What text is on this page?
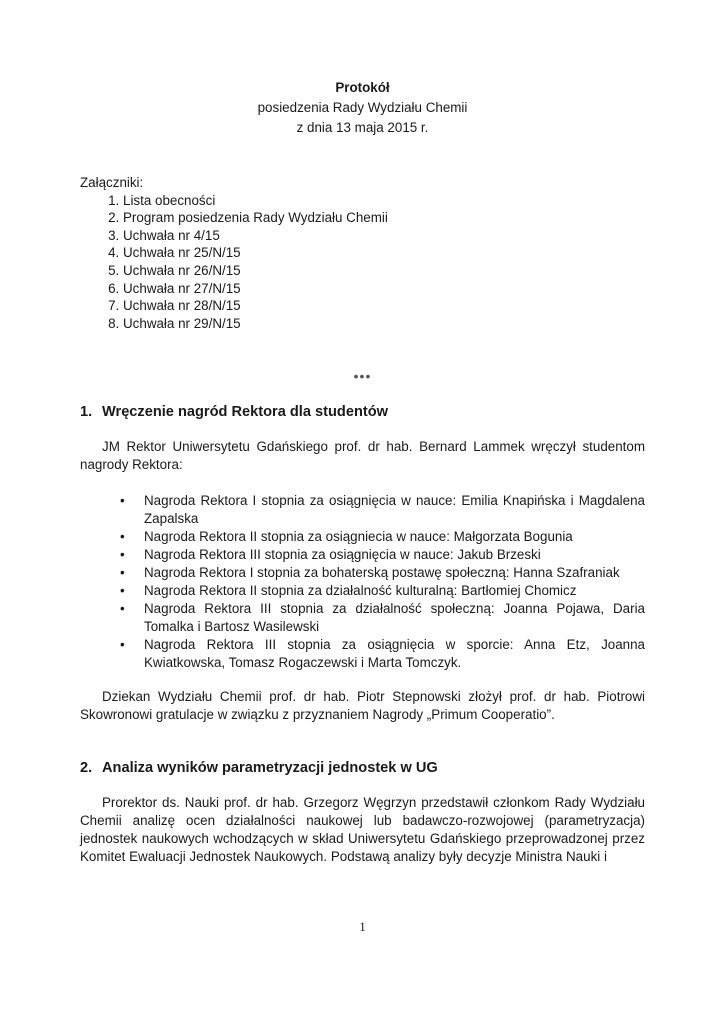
Protokół
posiedzenia Rady Wydziału Chemii
z dnia 13 maja 2015 r.
Załączniki:
1. Lista obecności
2. Program posiedzenia Rady Wydziału Chemii
3. Uchwała nr 4/15
4. Uchwała nr 25/N/15
5. Uchwała nr 26/N/15
6. Uchwała nr 27/N/15
7. Uchwała nr 28/N/15
8. Uchwała nr 29/N/15
•••
1. Wręczenie nagród Rektora dla studentów

JM Rektor Uniwersytetu Gdańskiego prof. dr hab. Bernard Lammek wręczył studentom nagrody Rektora:

• Nagroda Rektora I stopnia za osiągnięcia w nauce: Emilia Knapińska i Magdalena Zapalska
• Nagroda Rektora II stopnia za osiągniecia w nauce: Małgorzata Bogunia
• Nagroda Rektora III stopnia za osiągnięcia w nauce: Jakub Brzeski
• Nagroda Rektora I stopnia za bohaterską postawę społeczną: Hanna Szafraniak
• Nagroda Rektora II stopnia za działalność kulturalną: Bartłomiej Chomicz
• Nagroda Rektora III stopnia za działalność społeczną: Joanna Pojawa, Daria Tomalka i Bartosz Wasilewski
• Nagroda Rektora III stopnia za osiągnięcia w sporcie: Anna Etz, Joanna Kwiatkowska, Tomasz Rogaczewski i Marta Tomczyk.

Dziekan Wydziału Chemii prof. dr hab. Piotr Stepnowski złożył prof. dr hab. Piotrowi Skowronowi gratulacje w związku z przyznaniem Nagrody „Primum Cooperatio”.

2. Analiza wyników parametryzacji jednostek w UG

Prorektor ds. Nauki prof. dr hab. Grzegorz Węgrzyn przedstawił członkom Rady Wydziału Chemii analizę ocen działalności naukowej lub badawczo-rozwojowej (parametryzacja) jednostek naukowych wchodzących w skład Uniwersytetu Gdańskiego przeprowadzonej przez Komitet Ewaluacji Jednostek Naukowych. Podstawą analizy były decyzje Ministra Nauki i

1
